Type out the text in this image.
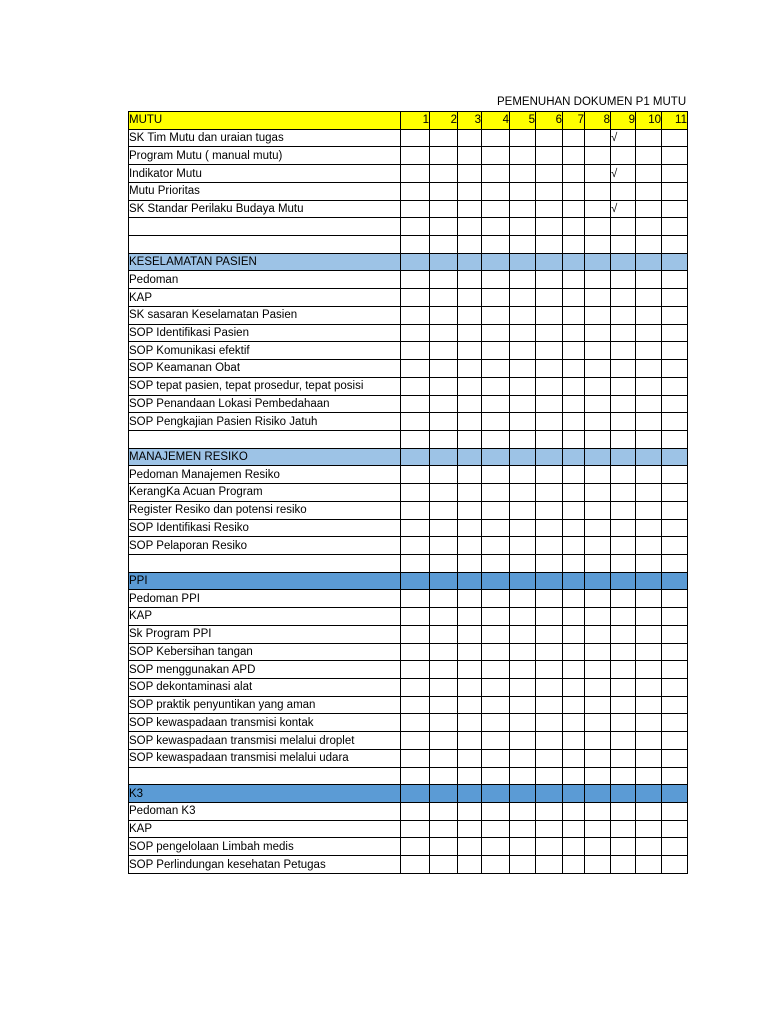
PEMENUHAN DOKUMEN P1 MUTU
MUTU	1	2	3	4	5	6	7	8	9	10	11
SK Tim Mutu dan uraian tugas									√		
Program Mutu ( manual mutu)											
Indikator Mutu									√		
Mutu Prioritas											
SK Standar Perilaku Budaya Mutu									√		

KESELAMATAN PASIEN											
Pedoman											
KAP											
SK sasaran Keselamatan Pasien											
SOP Identifikasi Pasien											
SOP Komunikasi efektif											
SOP Keamanan Obat											
SOP tepat pasien, tepat prosedur, tepat posisi											
SOP Penandaan Lokasi Pembedahaan											
SOP Pengkajian Pasien Risiko Jatuh											

MANAJEMEN RESIKO											
Pedoman Manajemen Resiko											
KerangKa Acuan Program											
Register Resiko dan potensi resiko											
SOP Identifikasi Resiko											
SOP Pelaporan Resiko											

PPI											
Pedoman PPI											
KAP											
Sk Program PPI											
SOP Kebersihan tangan											
SOP menggunakan APD											
SOP dekontaminasi alat											
SOP praktik penyuntikan yang aman											
SOP kewaspadaan transmisi kontak											
SOP kewaspadaan transmisi melalui droplet											
SOP kewaspadaan transmisi melalui udara											

K3											
Pedoman K3											
KAP											
SOP pengelolaan Limbah medis											
SOP Perlindungan kesehatan Petugas											
